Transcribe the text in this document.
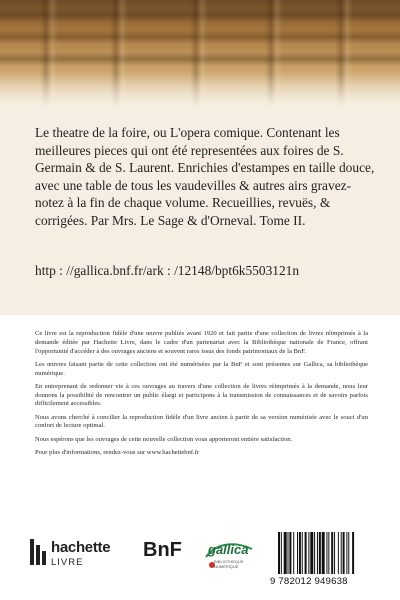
Le theatre de la foire, ou L'opera comique. Contenant les meilleures pieces qui ont été representées aux foires de S. Germain & de S. Laurent. Enrichies d'estampes en taille douce, avec une table de tous les vaudevilles & autres airs gravez-notez à la fin de chaque volume. Recueillies, revuës, & corrigées. Par Mrs. Le Sage & d'Orneval. Tome II.

http : //gallica.bnf.fr/ark : /12148/bpt6k5503121n

Ce livre est la reproduction fidèle d'une œuvre publiée avant 1920 et fait partie d'une collection de livres réimprimés à la demande éditée par Hachette Livre, dans le cadre d'un partenariat avec la Bibliothèque nationale de France, offrant l'opportunité d'accéder à des ouvrages anciens et souvent rares issus des fonds patrimoniaux de la BnF.

Les œuvres faisant partie de cette collection ont été numérisées par la BnF et sont présentes sur Gallica, sa bibliothèque numérique.

En entreprenant de redonner vie à ces ouvrages au travers d'une collection de livres réimprimés à la demande, nous leur donnons la possibilité de rencontrer un public élargi et participons à la transmission de connaissances et de savoirs parfois difficilement accessibles.

Nous avons cherché à concilier la reproduction fidèle d'un livre ancien à partir de sa version numérisée avec le souci d'un confort de lecture optimal.

Nous espérons que les ouvrages de cette nouvelle collection vous apporteront entière satisfaction.

Pour plus d'informations, rendez-vous sur www.hachettebnf.fr

hachette
LIVRE
BnF gallica
BIBLIOTHÈQUE NUMÉRIQUE
9 782012 949638
